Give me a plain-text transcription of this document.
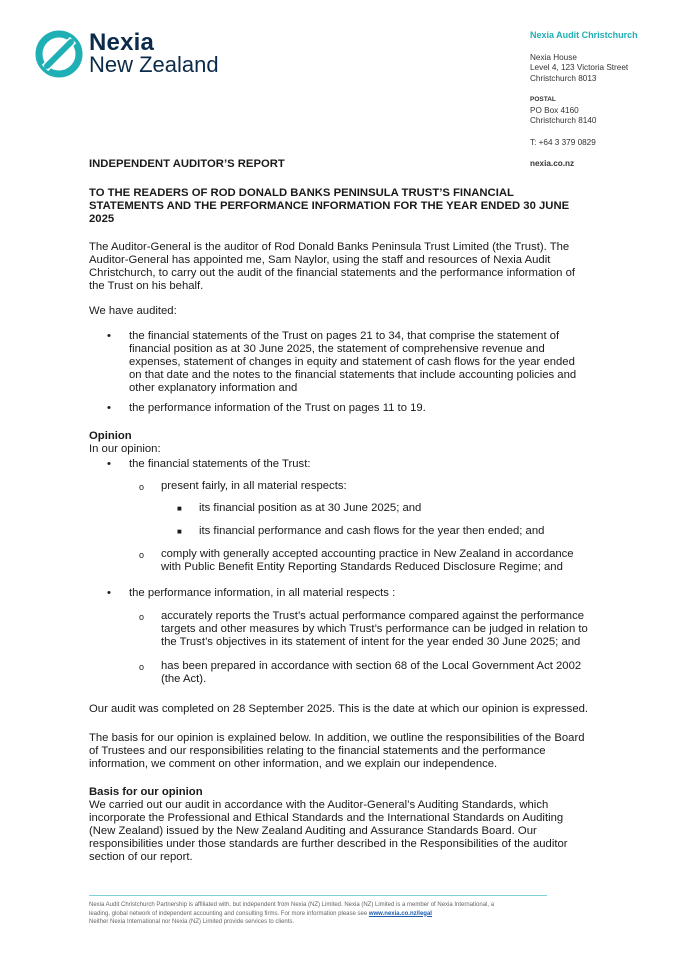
Nexia
New Zealand
Nexia Audit Christchurch
Nexia House
Level 4, 123 Victoria Street
Christchurch 8013
POSTAL
PO Box 4160
Christchurch 8140
T: +64 3 379 0829
nexia.co.nz
INDEPENDENT AUDITOR’S REPORT
TO THE READERS OF ROD DONALD BANKS PENINSULA TRUST’S FINANCIAL STATEMENTS AND THE PERFORMANCE INFORMATION FOR THE YEAR ENDED 30 JUNE 2025

The Auditor-General is the auditor of Rod Donald Banks Peninsula Trust Limited (the Trust). The Auditor-General has appointed me, Sam Naylor, using the staff and resources of Nexia Audit Christchurch, to carry out the audit of the financial statements and the performance information of the Trust on his behalf.

We have audited:

• the financial statements of the Trust on pages 21 to 34, that comprise the statement of financial position as at 30 June 2025, the statement of comprehensive revenue and expenses, statement of changes in equity and statement of cash flows for the year ended on that date and the notes to the financial statements that include accounting policies and other explanatory information and
• the performance information of the Trust on pages 11 to 19.
Opinion
In our opinion:
• the financial statements of the Trust:
o present fairly, in all material respects:
■ its financial position as at 30 June 2025; and
■ its financial performance and cash flows for the year then ended; and
o comply with generally accepted accounting practice in New Zealand in accordance with Public Benefit Entity Reporting Standards Reduced Disclosure Regime; and
• the performance information, in all material respects :
o accurately reports the Trust’s actual performance compared against the performance targets and other measures by which Trust’s performance can be judged in relation to the Trust’s objectives in its statement of intent for the year ended 30 June 2025; and
o has been prepared in accordance with section 68 of the Local Government Act 2002 (the Act).

Our audit was completed on 28 September 2025. This is the date at which our opinion is expressed.

The basis for our opinion is explained below. In addition, we outline the responsibilities of the Board of Trustees and our responsibilities relating to the financial statements and the performance information, we comment on other information, and we explain our independence.

Basis for our opinion

We carried out our audit in accordance with the Auditor-General’s Auditing Standards, which incorporate the Professional and Ethical Standards and the International Standards on Auditing (New Zealand) issued by the New Zealand Auditing and Assurance Standards Board. Our responsibilities under those standards are further described in the Responsibilities of the auditor section of our report.

Nexia Audit Christchurch Partnership is affiliated with, but independent from Nexia (NZ) Limited. Nexia (NZ) Limited is a member of Nexia International, a
leading, global network of independent accounting and consulting firms. For more information please see www.nexia.co.nz/legal
Neither Nexia International nor Nexia (NZ) Limited provide services to clients.
